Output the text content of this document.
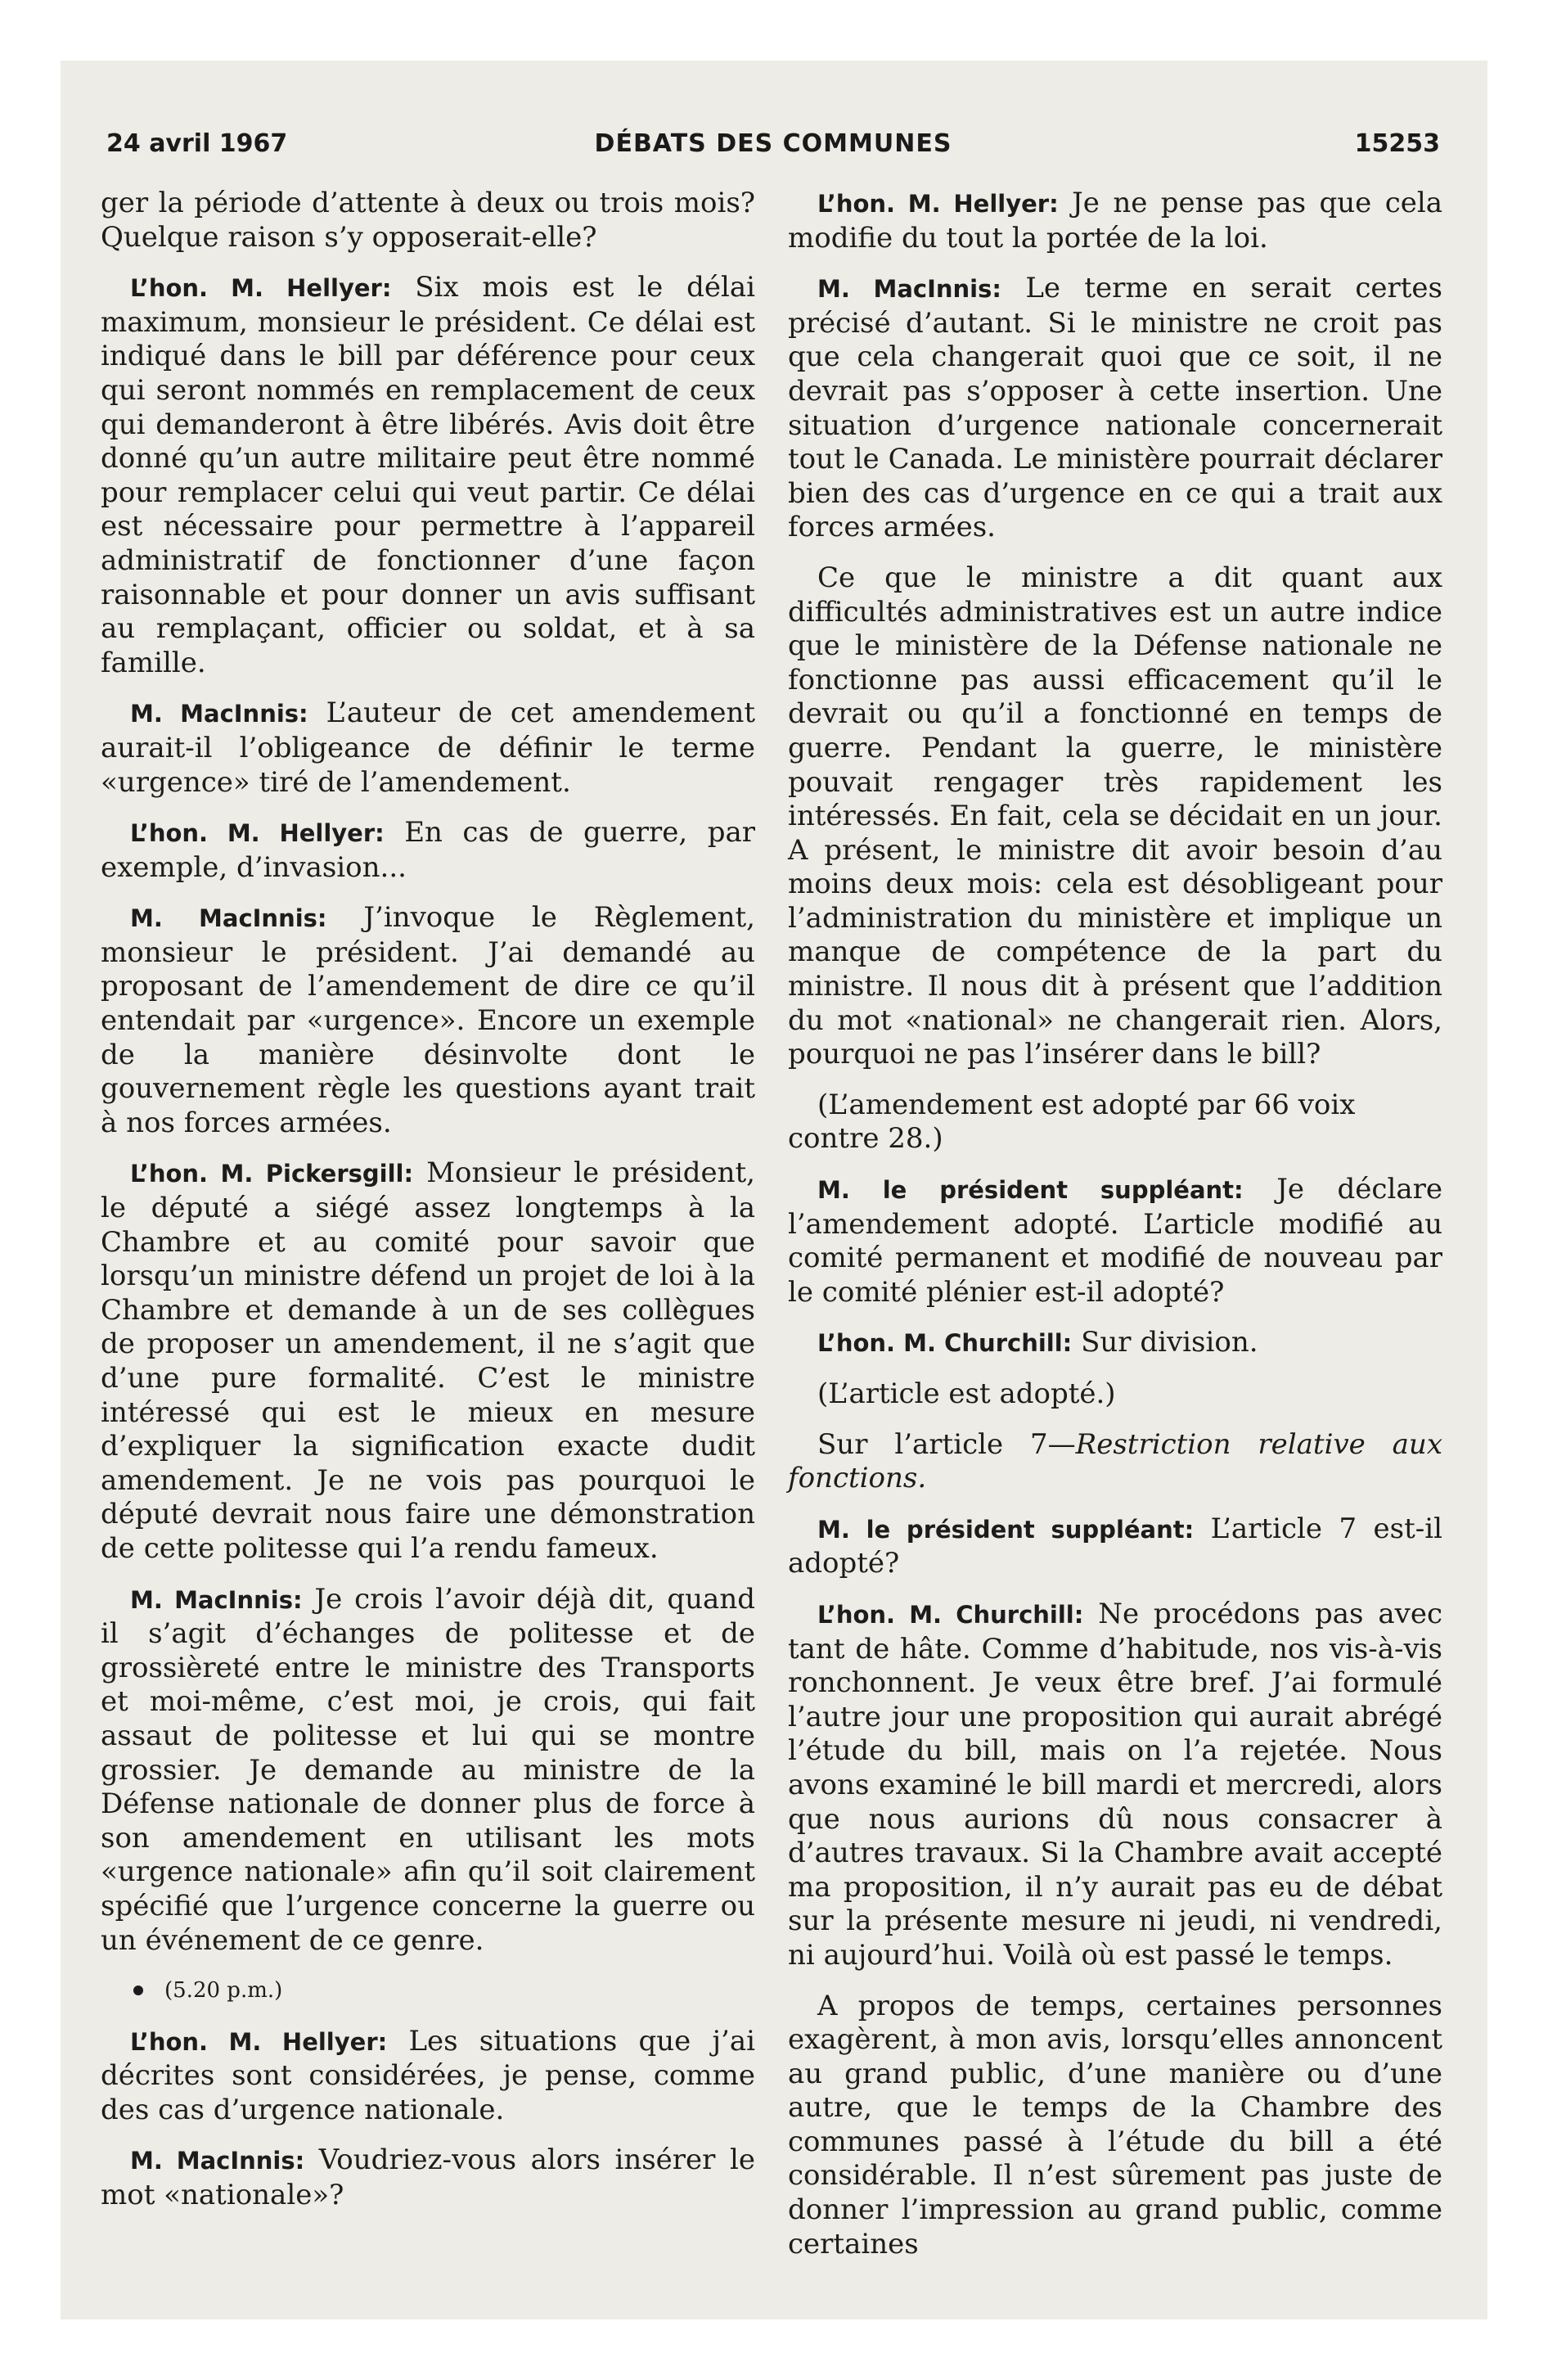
24 avril 1967	DÉBATS DES COMMUNES	15253

ger la période d’attente à deux ou trois mois? Quelque raison s’y opposerait-elle?

L’hon. M. Hellyer: Six mois est le délai maximum, monsieur le président. Ce délai est indiqué dans le bill par déférence pour ceux qui seront nommés en remplacement de ceux qui demanderont à être libérés. Avis doit être donné qu’un autre militaire peut être nommé pour remplacer celui qui veut partir. Ce délai est nécessaire pour permettre à l’appareil administratif de fonctionner d’une façon raisonnable et pour donner un avis suffisant au remplaçant, officier ou soldat, et à sa famille.

M. MacInnis: L’auteur de cet amendement aurait-il l’obligeance de définir le terme «urgence» tiré de l’amendement.

L’hon. M. Hellyer: En cas de guerre, par exemple, d’invasion...

M. MacInnis: J’invoque le Règlement, monsieur le président. J’ai demandé au proposant de l’amendement de dire ce qu’il entendait par «urgence». Encore un exemple de la manière désinvolte dont le gouvernement règle les questions ayant trait à nos forces armées.

L’hon. M. Pickersgill: Monsieur le président, le député a siégé assez longtemps à la Chambre et au comité pour savoir que lorsqu’un ministre défend un projet de loi à la Chambre et demande à un de ses collègues de proposer un amendement, il ne s’agit que d’une pure formalité. C’est le ministre intéressé qui est le mieux en mesure d’expliquer la signification exacte dudit amendement. Je ne vois pas pourquoi le député devrait nous faire une démonstration de cette politesse qui l’a rendu fameux.

M. MacInnis: Je crois l’avoir déjà dit, quand il s’agit d’échanges de politesse et de grossièreté entre le ministre des Transports et moi-même, c’est moi, je crois, qui fait assaut de politesse et lui qui se montre grossier. Je demande au ministre de la Défense nationale de donner plus de force à son amendement en utilisant les mots «urgence nationale» afin qu’il soit clairement spécifié que l’urgence concerne la guerre ou un événement de ce genre.

(5.20 p.m.)

L’hon. M. Hellyer: Les situations que j’ai décrites sont considérées, je pense, comme des cas d’urgence nationale.

M. MacInnis: Voudriez-vous alors insérer le mot «nationale»?

L’hon. M. Hellyer: Je ne pense pas que cela modifie du tout la portée de la loi.

M. MacInnis: Le terme en serait certes précisé d’autant. Si le ministre ne croit pas que cela changerait quoi que ce soit, il ne devrait pas s’opposer à cette insertion. Une situation d’urgence nationale concernerait tout le Canada. Le ministère pourrait déclarer bien des cas d’urgence en ce qui a trait aux forces armées.

Ce que le ministre a dit quant aux difficultés administratives est un autre indice que le ministère de la Défense nationale ne fonctionne pas aussi efficacement qu’il le devrait ou qu’il a fonctionné en temps de guerre. Pendant la guerre, le ministère pouvait rengager très rapidement les intéressés. En fait, cela se décidait en un jour. A présent, le ministre dit avoir besoin d’au moins deux mois: cela est désobligeant pour l’administration du ministère et implique un manque de compétence de la part du ministre. Il nous dit à présent que l’addition du mot «national» ne changerait rien. Alors, pourquoi ne pas l’insérer dans le bill?

(L’amendement est adopté par 66 voix contre 28.)

M. le président suppléant: Je déclare l’amendement adopté. L’article modifié au comité permanent et modifié de nouveau par le comité plénier est-il adopté?

L’hon. M. Churchill: Sur division.

(L’article est adopté.)

Sur l’article 7—Restriction relative aux fonctions.

M. le président suppléant: L’article 7 est-il adopté?

L’hon. M. Churchill: Ne procédons pas avec tant de hâte. Comme d’habitude, nos vis-à-vis ronchonnent. Je veux être bref. J’ai formulé l’autre jour une proposition qui aurait abrégé l’étude du bill, mais on l’a rejetée. Nous avons examiné le bill mardi et mercredi, alors que nous aurions dû nous consacrer à d’autres travaux. Si la Chambre avait accepté ma proposition, il n’y aurait pas eu de débat sur la présente mesure ni jeudi, ni vendredi, ni aujourd’hui. Voilà où est passé le temps.

A propos de temps, certaines personnes exagèrent, à mon avis, lorsqu’elles annoncent au grand public, d’une manière ou d’une autre, que le temps de la Chambre des communes passé à l’étude du bill a été considérable. Il n’est sûrement pas juste de donner l’impression au grand public, comme certaines
